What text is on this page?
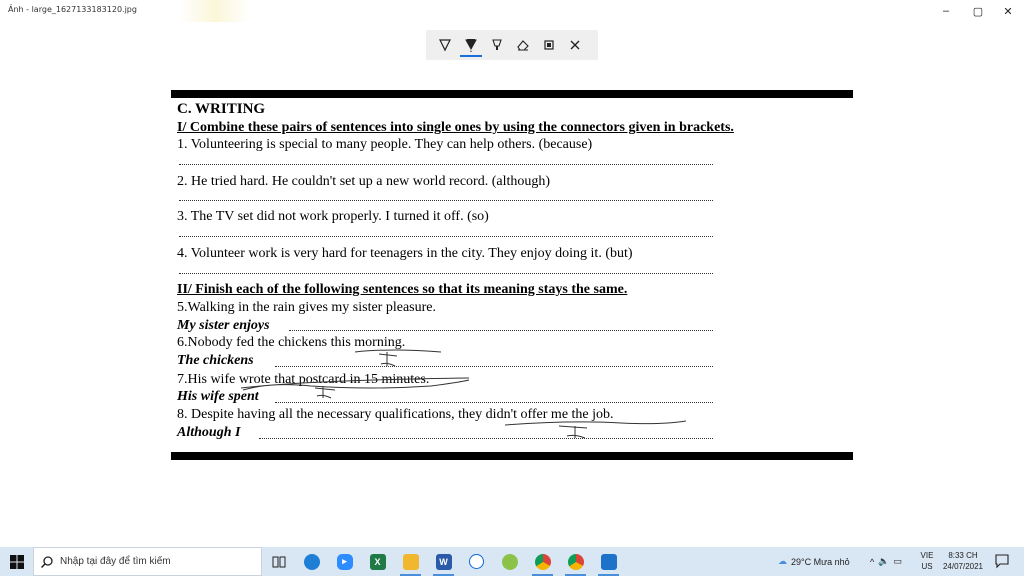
Ảnh - large_1627133183120.jpg	–	▢	✕
⌄
C. WRITING
I/ Combine these pairs of sentences into single ones by using the connectors given in brackets.
1. Volunteering is special to many people. They can help others. (because)
2. He tried hard. He couldn't set up a new world record. (although)
3. The TV set did not work properly. I turned it off. (so)
4. Volunteer work is very hard for teenagers in the city. They enjoy doing it. (but)
II/ Finish each of the following sentences so that its meaning stays the same.
5.Walking in the rain gives my sister pleasure.
My sister enjoys
6.Nobody fed the chickens this morning.
The chickens
7.His wife wrote that postcard in 15 minutes.
His wife spent
8. Despite having all the necessary qualifications, they didn't offer me the job.
Although I
Nhập tại đây để tìm kiếm	▸	X	W	☁ 29°C Mưa nhỏ ^ 🔈 ▭
VIE
US
8:33 CH
24/07/2021
